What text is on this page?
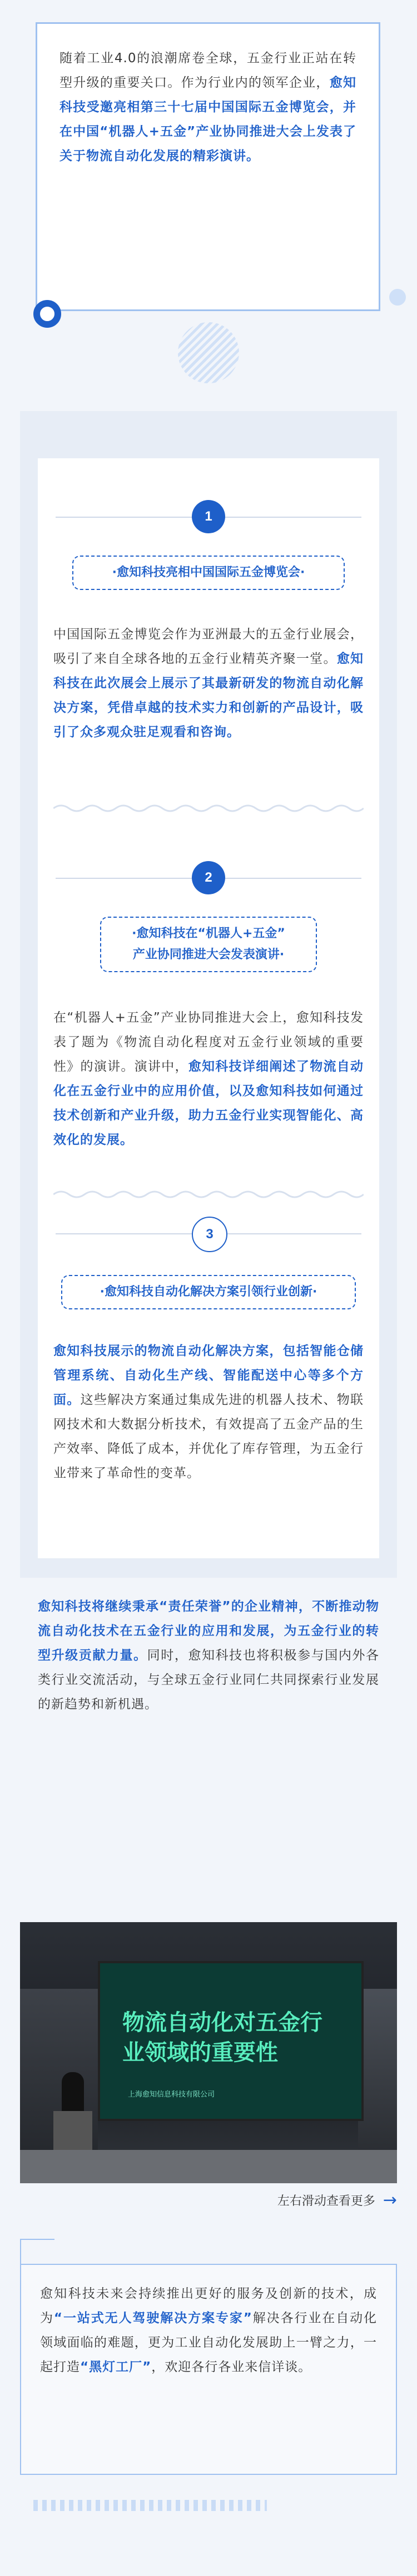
随着工业4.0的浪潮席卷全球，五金行业正站在转型升级的重要关口。作为行业内的领军企业，愈知科技受邀亮相第三十七届中国国际五金博览会，并在中国“机器人+五金”产业协同推进大会上发表了关于物流自动化发展的精彩演讲。

1
·愈知科技亮相中国国际五金博览会·

中国国际五金博览会作为亚洲最大的五金行业展会，吸引了来自全球各地的五金行业精英齐聚一堂。愈知科技在此次展会上展示了其最新研发的物流自动化解决方案，凭借卓越的技术实力和创新的产品设计，吸引了众多观众驻足观看和咨询。

2
·愈知科技在“机器人+五金”
产业协同推进大会发表演讲·

在“机器人+五金”产业协同推进大会上，愈知科技发表了题为《物流自动化程度对五金行业领域的重要性》的演讲。演讲中，愈知科技详细阐述了物流自动化在五金行业中的应用价值，以及愈知科技如何通过技术创新和产业升级，助力五金行业实现智能化、高效化的发展。

3
·愈知科技自动化解决方案引领行业创新·

愈知科技展示的物流自动化解决方案，包括智能仓储管理系统、自动化生产线、智能配送中心等多个方面。这些解决方案通过集成先进的机器人技术、物联网技术和大数据分析技术，有效提高了五金产品的生产效率、降低了成本，并优化了库存管理，为五金行业带来了革命性的变革。

愈知科技将继续秉承“责任荣誉”的企业精神，不断推动物流自动化技术在五金行业的应用和发展，为五金行业的转型升级贡献力量。同时，愈知科技也将积极参与国内外各类行业交流活动，与全球五金行业同仁共同探索行业发展的新趋势和新机遇。

物流自动化对五金行业领域的重要性
上海愈知信息科技有限公司
左右滑动查看更多 →

愈知科技未来会持续推出更好的服务及创新的技术，成为“一站式无人驾驶解决方案专家”解决各行业在自动化领域面临的难题，更为工业自动化发展助上一臂之力，一起打造“黑灯工厂”，欢迎各行各业来信详谈。
